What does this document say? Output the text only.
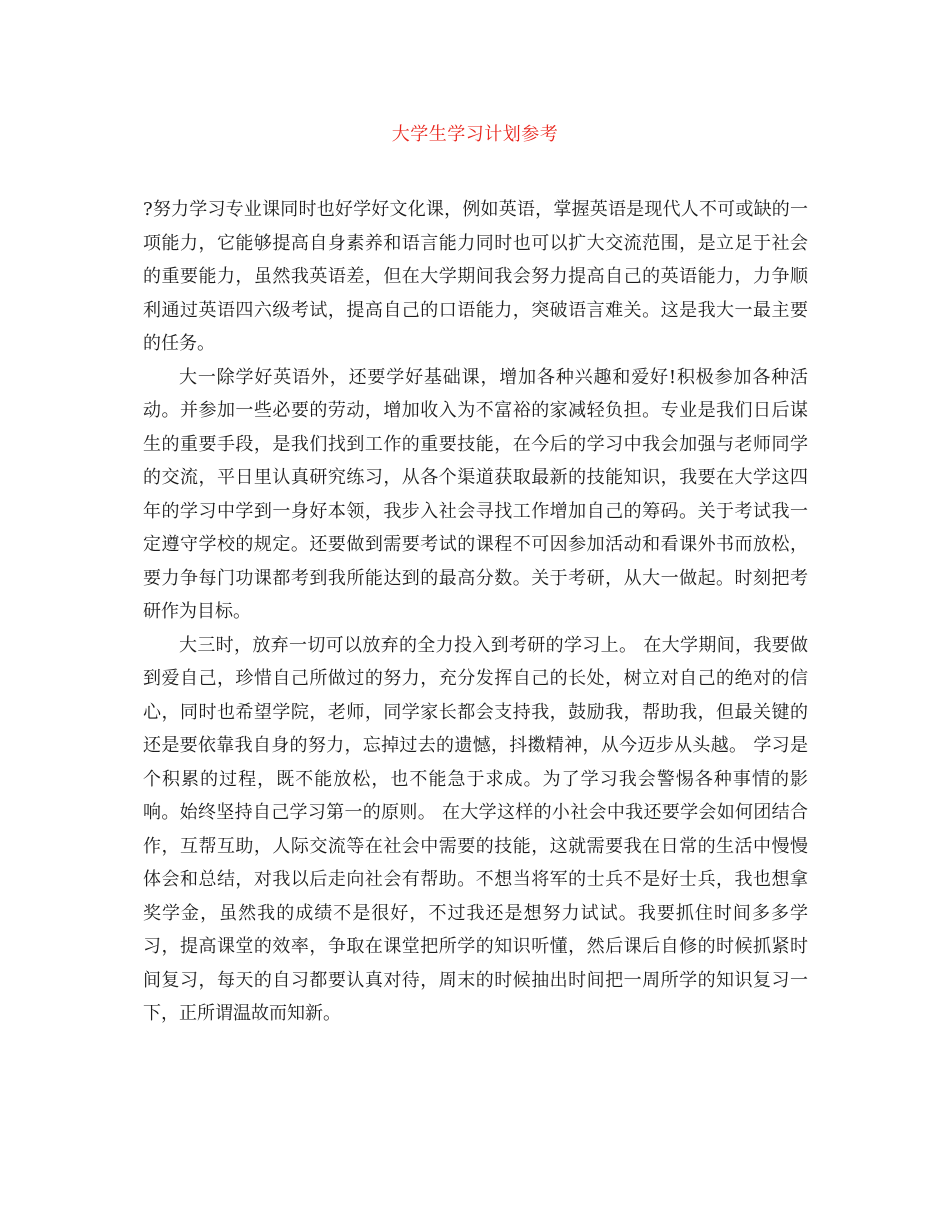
大学生学习计划参考

?努力学习专业课同时也好学好文化课，例如英语，掌握英语是现代人不可或缺的一项能力，它能够提高自身素养和语言能力同时也可以扩大交流范围，是立足于社会的重要能力，虽然我英语差，但在大学期间我会努力提高自己的英语能力，力争顺利通过英语四六级考试，提高自己的口语能力，突破语言难关。这是我大一最主要的任务。

大一除学好英语外，还要学好基础课，增加各种兴趣和爱好!积极参加各种活动。并参加一些必要的劳动，增加收入为不富裕的家减轻负担。专业是我们日后谋生的重要手段，是我们找到工作的重要技能，在今后的学习中我会加强与老师同学的交流，平日里认真研究练习，从各个渠道获取最新的技能知识，我要在大学这四年的学习中学到一身好本领，我步入社会寻找工作增加自己的筹码。关于考试我一定遵守学校的规定。还要做到需要考试的课程不可因参加活动和看课外书而放松，要力争每门功课都考到我所能达到的最高分数。关于考研，从大一做起。时刻把考研作为目标。

大三时，放弃一切可以放弃的全力投入到考研的学习上。 在大学期间，我要做到爱自己，珍惜自己所做过的努力，充分发挥自己的长处，树立对自己的绝对的信心，同时也希望学院，老师，同学家长都会支持我，鼓励我，帮助我，但最关键的还是要依靠我自身的努力，忘掉过去的遗憾，抖擞精神，从今迈步从头越。 学习是个积累的过程，既不能放松，也不能急于求成。为了学习我会警惕各种事情的影响。始终坚持自己学习第一的原则。 在大学这样的小社会中我还要学会如何团结合作，互帮互助，人际交流等在社会中需要的技能，这就需要我在日常的生活中慢慢体会和总结，对我以后走向社会有帮助。不想当将军的士兵不是好士兵，我也想拿奖学金，虽然我的成绩不是很好，不过我还是想努力试试。我要抓住时间多多学习，提高课堂的效率，争取在课堂把所学的知识听懂，然后课后自修的时候抓紧时间复习，每天的自习都要认真对待，周末的时候抽出时间把一周所学的知识复习一下，正所谓温故而知新。
